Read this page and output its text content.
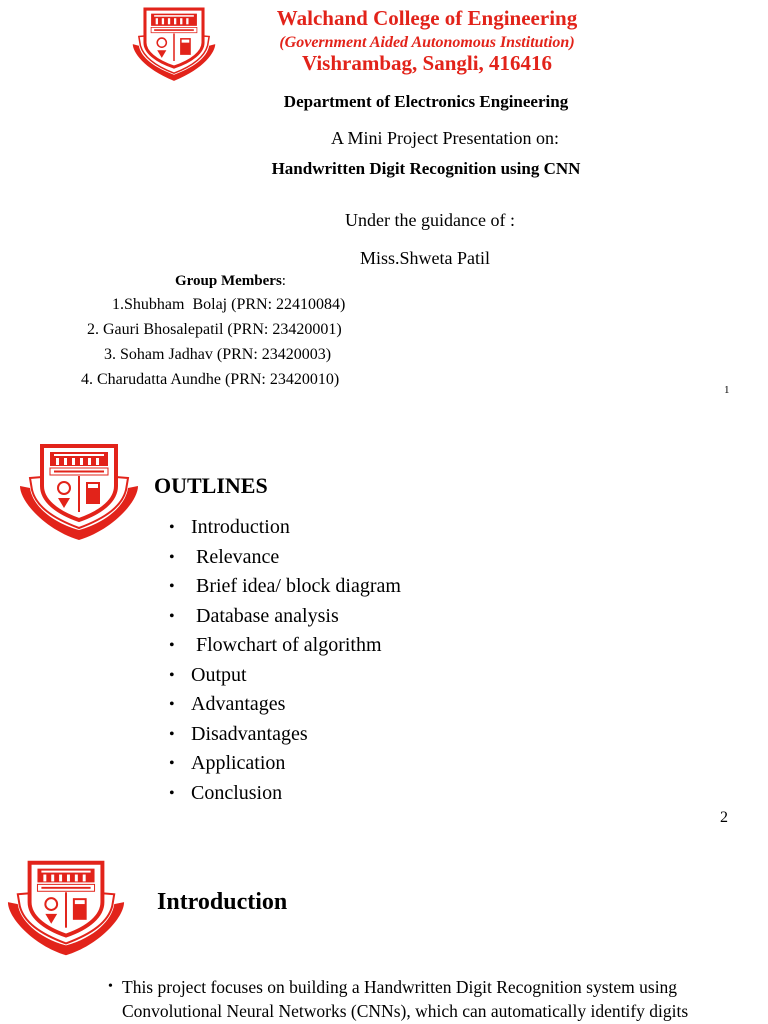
Walchand College of Engineering
(Government Aided Autonomous Institution)
Vishrambag, Sangli, 416416
Department of Electronics Engineering
A Mini Project Presentation on:
Handwritten Digit Recognition using CNN
Under the guidance of :
Miss.Shweta Patil
Group Members:
1.Shubham  Bolaj (PRN: 22410084)
2. Gauri Bhosalepatil (PRN: 23420001)
3. Soham Jadhav (PRN: 23420003)
4. Charudatta Aundhe (PRN: 23420010)
1
OUTLINES
• Introduction
• Relevance
• Brief idea/ block diagram
• Database analysis
• Flowchart of algorithm
• Output
• Advantages
• Disadvantages
• Application
• Conclusion
2
Introduction
• This project focuses on building a Handwritten Digit Recognition system using
Convolutional Neural Networks (CNNs), which can automatically identify digits
